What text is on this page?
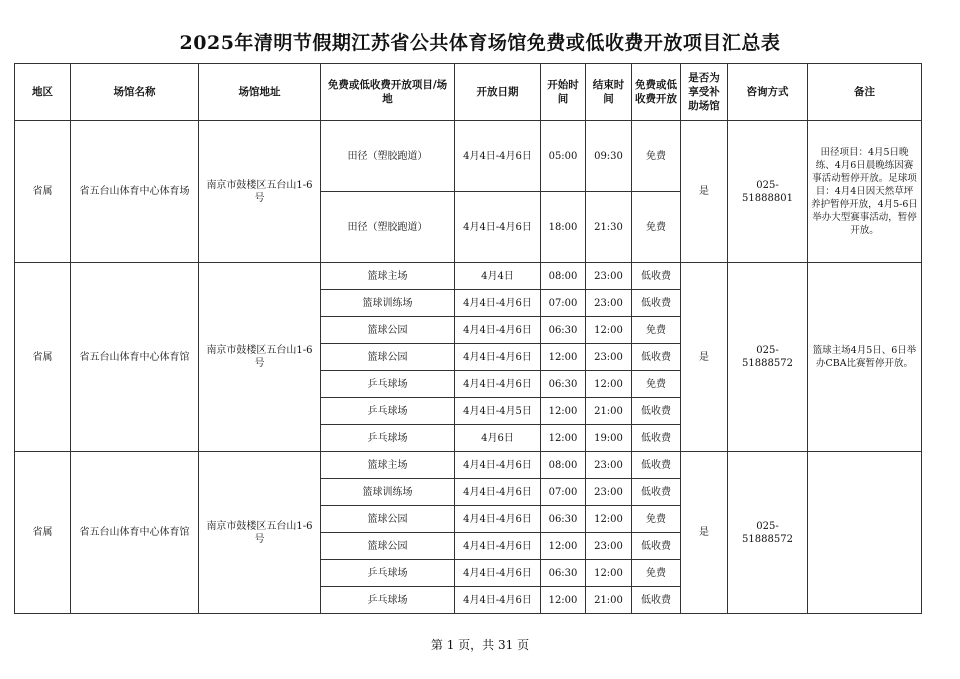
2025年清明节假期江苏省公共体育场馆免费或低收费开放项目汇总表
地区	场馆名称	场馆地址	免费或低收费开放项目/场地	开放日期	开始时间	结束时间	免费或低收费开放	是否为享受补助场馆	咨询方式	备注
省属	省五台山体育中心体育场	南京市鼓楼区五台山1-6号	田径（塑胶跑道）	4月4日-4月6日	05:00	09:30	免费	是	025-51888801	田径项目：4月5日晚练、4月6日晨晚练因赛事活动暂停开放。足球项目：4月4日因天然草坪养护暂停开放，4月5-6日举办大型赛事活动，暂停开放。
			田径（塑胶跑道）	4月4日-4月6日	18:00	21:30	免费			
省属	省五台山体育中心体育馆	南京市鼓楼区五台山1-6号	篮球主场	4月4日	08:00	23:00	低收费	是	025-51888572	篮球主场4月5日、6日举办CBA比赛暂停开放。
			篮球训练场	4月4日-4月6日	07:00	23:00	低收费			
			篮球公园	4月4日-4月6日	06:30	12:00	免费			
			篮球公园	4月4日-4月6日	12:00	23:00	低收费			
			乒乓球场	4月4日-4月6日	06:30	12:00	免费			
			乒乓球场	4月4日-4月5日	12:00	21:00	低收费			
			乒乓球场	4月6日	12:00	19:00	低收费			
省属	省五台山体育中心体育馆	南京市鼓楼区五台山1-6号	篮球主场	4月4日-4月6日	08:00	23:00	低收费	是	025-51888572	
			篮球训练场	4月4日-4月6日	07:00	23:00	低收费			
			篮球公园	4月4日-4月6日	06:30	12:00	免费			
			篮球公园	4月4日-4月6日	12:00	23:00	低收费			
			乒乓球场	4月4日-4月6日	06:30	12:00	免费			
			乒乓球场	4月4日-4月6日	12:00	21:00	低收费			
第 1 页，共 31 页
